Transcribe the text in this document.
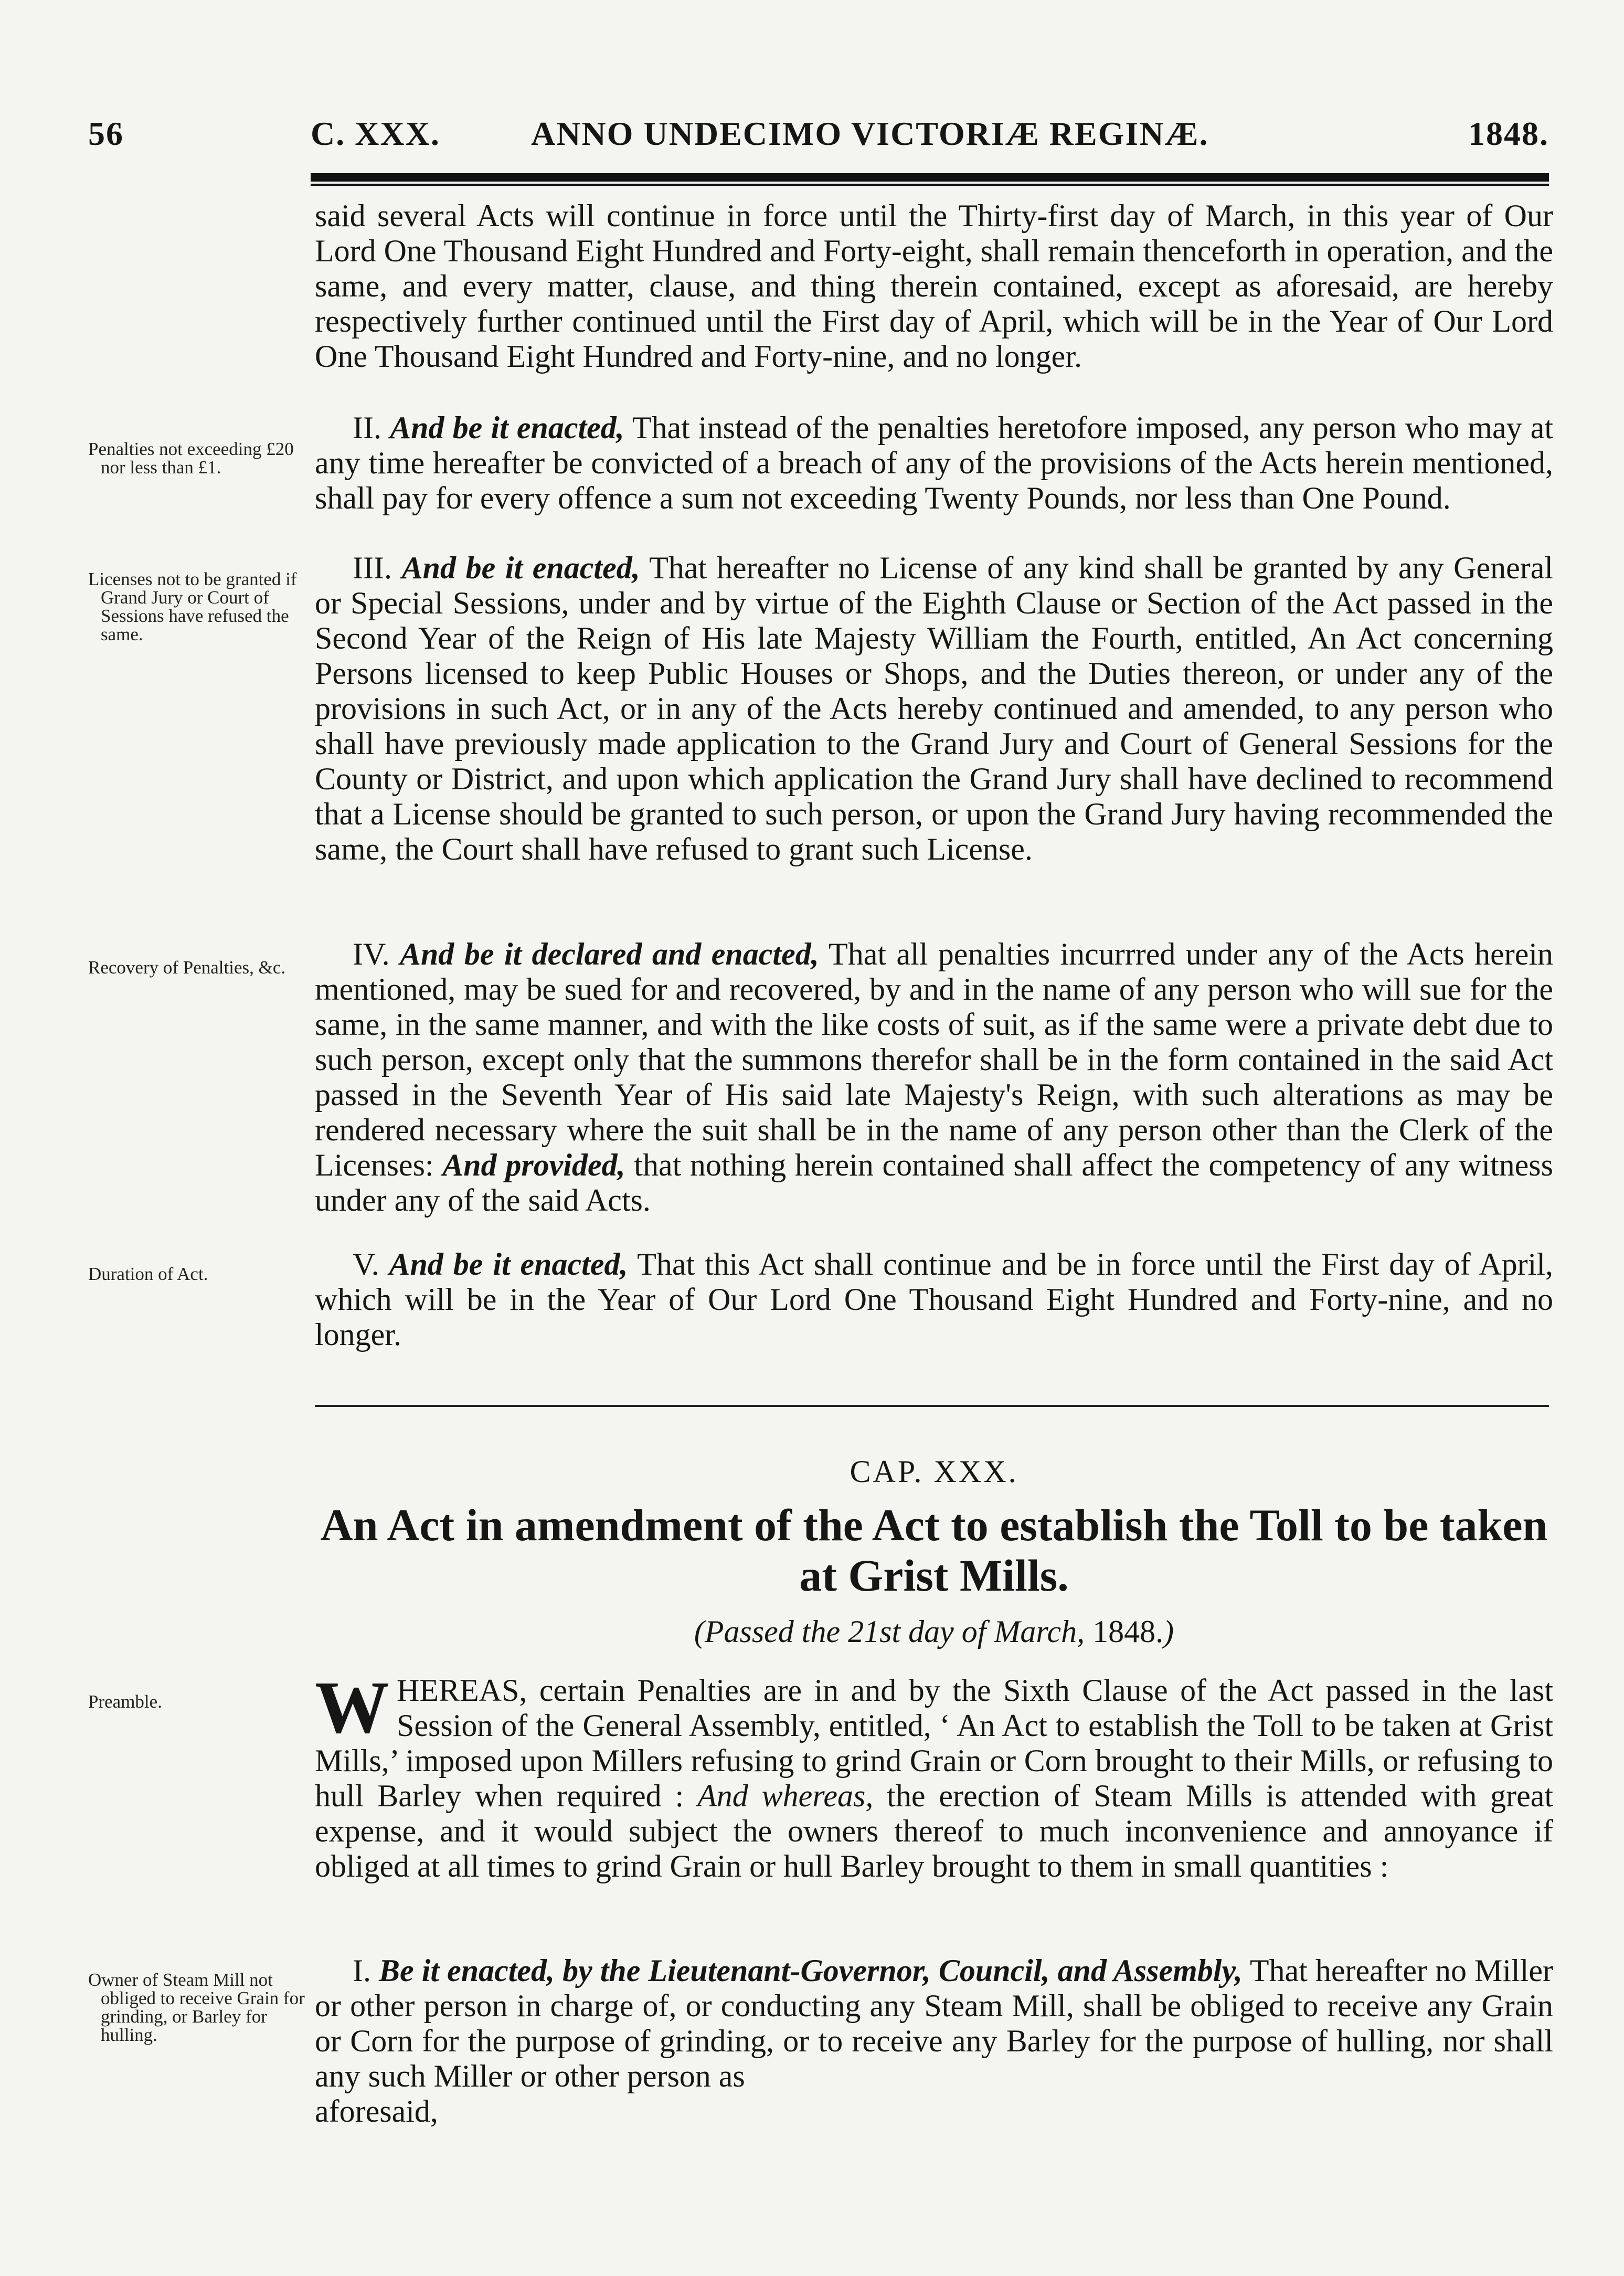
56	C. XXX.	ANNO UNDECIMO VICTORIÆ REGINÆ.	1848.

said several Acts will continue in force until the Thirty-first day of March, in this year of Our Lord One Thousand Eight Hundred and Forty-eight, shall remain thenceforth in operation, and the same, and every matter, clause, and thing therein contained, except as aforesaid, are hereby respectively further continued until the First day of April, which will be in the Year of Our Lord One Thousand Eight Hundred and Forty-nine, and no longer.

Penalties not exceeding £20 nor less than £1.

II. And be it enacted, That instead of the penalties heretofore imposed, any person who may at any time hereafter be convicted of a breach of any of the provisions of the Acts herein mentioned, shall pay for every offence a sum not exceeding Twenty Pounds, nor less than One Pound.

Licenses not to be granted if Grand Jury or Court of Sessions have refused the same.

III. And be it enacted, That hereafter no License of any kind shall be granted by any General or Special Sessions, under and by virtue of the Eighth Clause or Section of the Act passed in the Second Year of the Reign of His late Majesty William the Fourth, entitled, An Act concerning Persons licensed to keep Public Houses or Shops, and the Duties thereon, or under any of the provisions in such Act, or in any of the Acts hereby continued and amended, to any person who shall have previously made application to the Grand Jury and Court of General Sessions for the County or District, and upon which application the Grand Jury shall have declined to recommend that a License should be granted to such person, or upon the Grand Jury having recommended the same, the Court shall have refused to grant such License.

Recovery of Penalties, &c.	IV. And be it declared and enacted, That all penalties incurrred under any of the Acts herein mentioned, may be sued for and recovered, by and in the name of any person who will sue for the same, in the same manner, and with the like costs of suit, as if the same were a private debt due to such person, except only that the summons therefor shall be in the form contained in the said Act passed in the Seventh Year of His said late Majesty's Reign, with such alterations as may be rendered necessary where the suit shall be in the name of any person other than the Clerk of the Licenses: And provided, that nothing herein contained shall affect the competency of any witness under any of the said Acts.

Duration of Act.	V. And be it enacted, That this Act shall continue and be in force until the First day of April, which will be in the Year of Our Lord One Thousand Eight Hundred and Forty-nine, and no longer.

CAP. XXX.
An Act in amendment of the Act to establish the Toll to be taken at Grist Mills.
(Passed the 21st day of March, 1848.)
Preamble.	WHEREAS, certain Penalties are in and by the Sixth Clause of the Act passed in the last Session of the General Assembly, entitled, ‘ An Act to establish the Toll to be taken at Grist Mills,’ imposed upon Millers refusing to grind Grain or Corn brought to their Mills, or refusing to hull Barley when required : And whereas, the erection of Steam Mills is attended with great expense, and it would subject the owners thereof to much inconvenience and annoyance if obliged at all times to grind Grain or hull Barley brought to them in small quantities :

Owner of Steam Mill not obliged to receive Grain for grinding, or Barley for hulling.

I. Be it enacted, by the Lieutenant-Governor, Council, and Assembly, That hereafter no Miller or other person in charge of, or conducting any Steam Mill, shall be obliged to receive any Grain or Corn for the purpose of grinding, or to receive any Barley for the purpose of hulling, nor shall any such Miller or other person as

aforesaid,
